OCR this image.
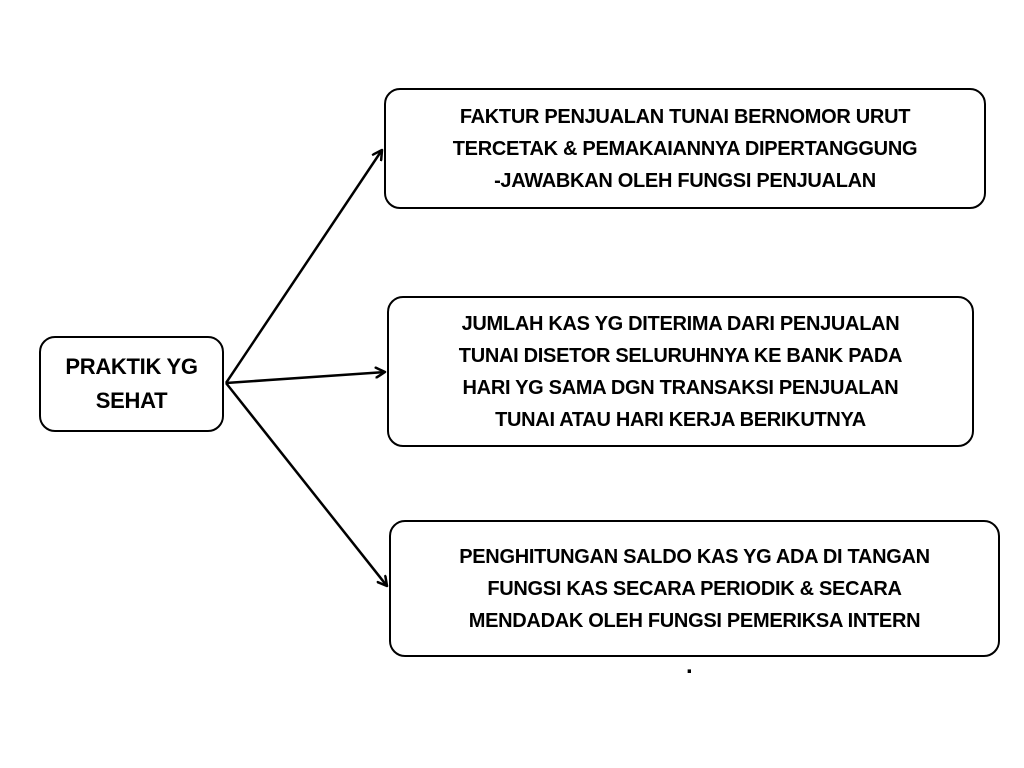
PRAKTIK YG
SEHAT
FAKTUR PENJUALAN TUNAI BERNOMOR URUT
TERCETAK & PEMAKAIANNYA DIPERTANGGUNG
-JAWABKAN OLEH FUNGSI PENJUALAN
JUMLAH KAS YG DITERIMA DARI PENJUALAN
TUNAI DISETOR SELURUHNYA KE BANK PADA
HARI YG SAMA DGN TRANSAKSI PENJUALAN
TUNAI ATAU HARI KERJA BERIKUTNYA
PENGHITUNGAN SALDO KAS YG ADA DI TANGAN
FUNGSI KAS SECARA PERIODIK & SECARA
MENDADAK OLEH FUNGSI PEMERIKSA INTERN
.
